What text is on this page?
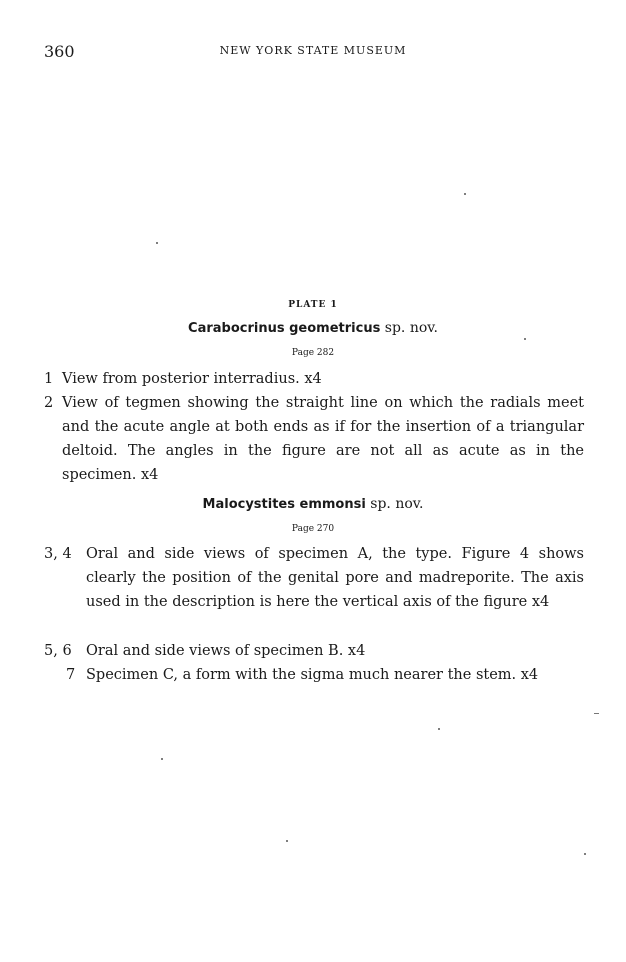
360	NEW YORK STATE MUSEUM
PLATE 1
Carabocrinus geometricus sp. nov.
Page 282
1 View from posterior interradius. x4
2 View of tegmen showing the straight line on which the radials meet and the acute angle at both ends as if for the insertion of a triangular deltoid. The angles in the figure are not all as acute as in the specimen. x4
Malocystites emmonsi sp. nov.
Page 270
3, 4 Oral and side views of specimen A, the type. Figure 4 shows clearly the position of the genital pore and madreporite. The axis used in the description is here the vertical axis of the figure x4
5, 6 Oral and side views of specimen B. x4
7 Specimen C, a form with the sigma much nearer the stem. x4
